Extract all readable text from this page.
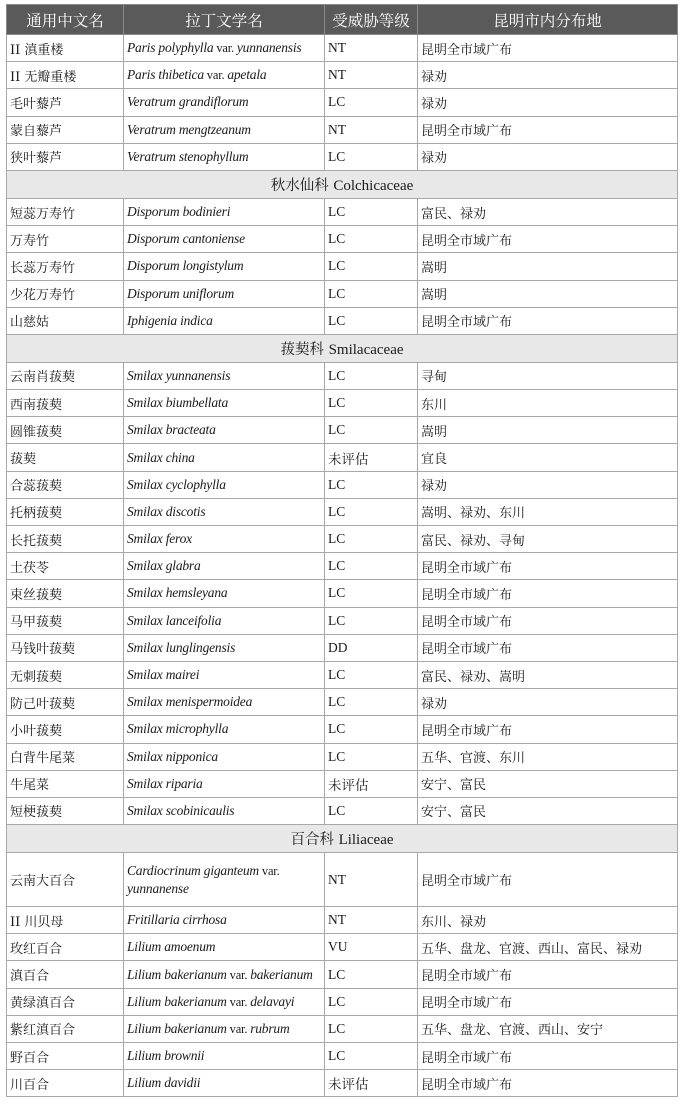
通用中文名	拉丁文学名	受威胁等级	昆明市内分布地
II 滇重楼	Paris polyphylla var. yunnanensis	NT	昆明全市域广布
II 无瓣重楼	Paris thibetica var. apetala	NT	禄劝
毛叶藜芦	Veratrum grandiflorum	LC	禄劝
蒙自藜芦	Veratrum mengtzeanum	NT	昆明全市域广布
狭叶藜芦	Veratrum stenophyllum	LC	禄劝
秋水仙科 Colchicaceae			
短蕊万寿竹	Disporum bodinieri	LC	富民、禄劝
万寿竹	Disporum cantoniense	LC	昆明全市域广布
长蕊万寿竹	Disporum longistylum	LC	嵩明
少花万寿竹	Disporum uniflorum	LC	嵩明
山慈姑	Iphigenia indica	LC	昆明全市域广布
菝葜科 Smilacaceae			
云南肖菝葜	Smilax yunnanensis	LC	寻甸
西南菝葜	Smilax biumbellata	LC	东川
圆锥菝葜	Smilax bracteata	LC	嵩明
菝葜	Smilax china	未评估	宜良
合蕊菝葜	Smilax cyclophylla	LC	禄劝
托柄菝葜	Smilax discotis	LC	嵩明、禄劝、东川
长托菝葜	Smilax ferox	LC	富民、禄劝、寻甸
土茯苓	Smilax glabra	LC	昆明全市域广布
束丝菝葜	Smilax hemsleyana	LC	昆明全市域广布
马甲菝葜	Smilax lanceifolia	LC	昆明全市域广布
马钱叶菝葜	Smilax lunglingensis	DD	昆明全市域广布
无刺菝葜	Smilax mairei	LC	富民、禄劝、嵩明
防己叶菝葜	Smilax menispermoidea	LC	禄劝
小叶菝葜	Smilax microphylla	LC	昆明全市域广布
白背牛尾菜	Smilax nipponica	LC	五华、官渡、东川
牛尾菜	Smilax riparia	未评估	安宁、富民
短梗菝葜	Smilax scobinicaulis	LC	安宁、富民
百合科 Liliaceae			
云南大百合	Cardiocrinum giganteum var. yunnanense	NT	昆明全市域广布
II 川贝母	Fritillaria cirrhosa	NT	东川、禄劝
玫红百合	Lilium amoenum	VU	五华、盘龙、官渡、西山、富民、禄劝
滇百合	Lilium bakerianum var. bakerianum	LC	昆明全市域广布
黄绿滇百合	Lilium bakerianum var. delavayi	LC	昆明全市域广布
紫红滇百合	Lilium bakerianum var. rubrum	LC	五华、盘龙、官渡、西山、安宁
野百合	Lilium brownii	LC	昆明全市域广布
川百合	Lilium davidii	未评估	昆明全市域广布
